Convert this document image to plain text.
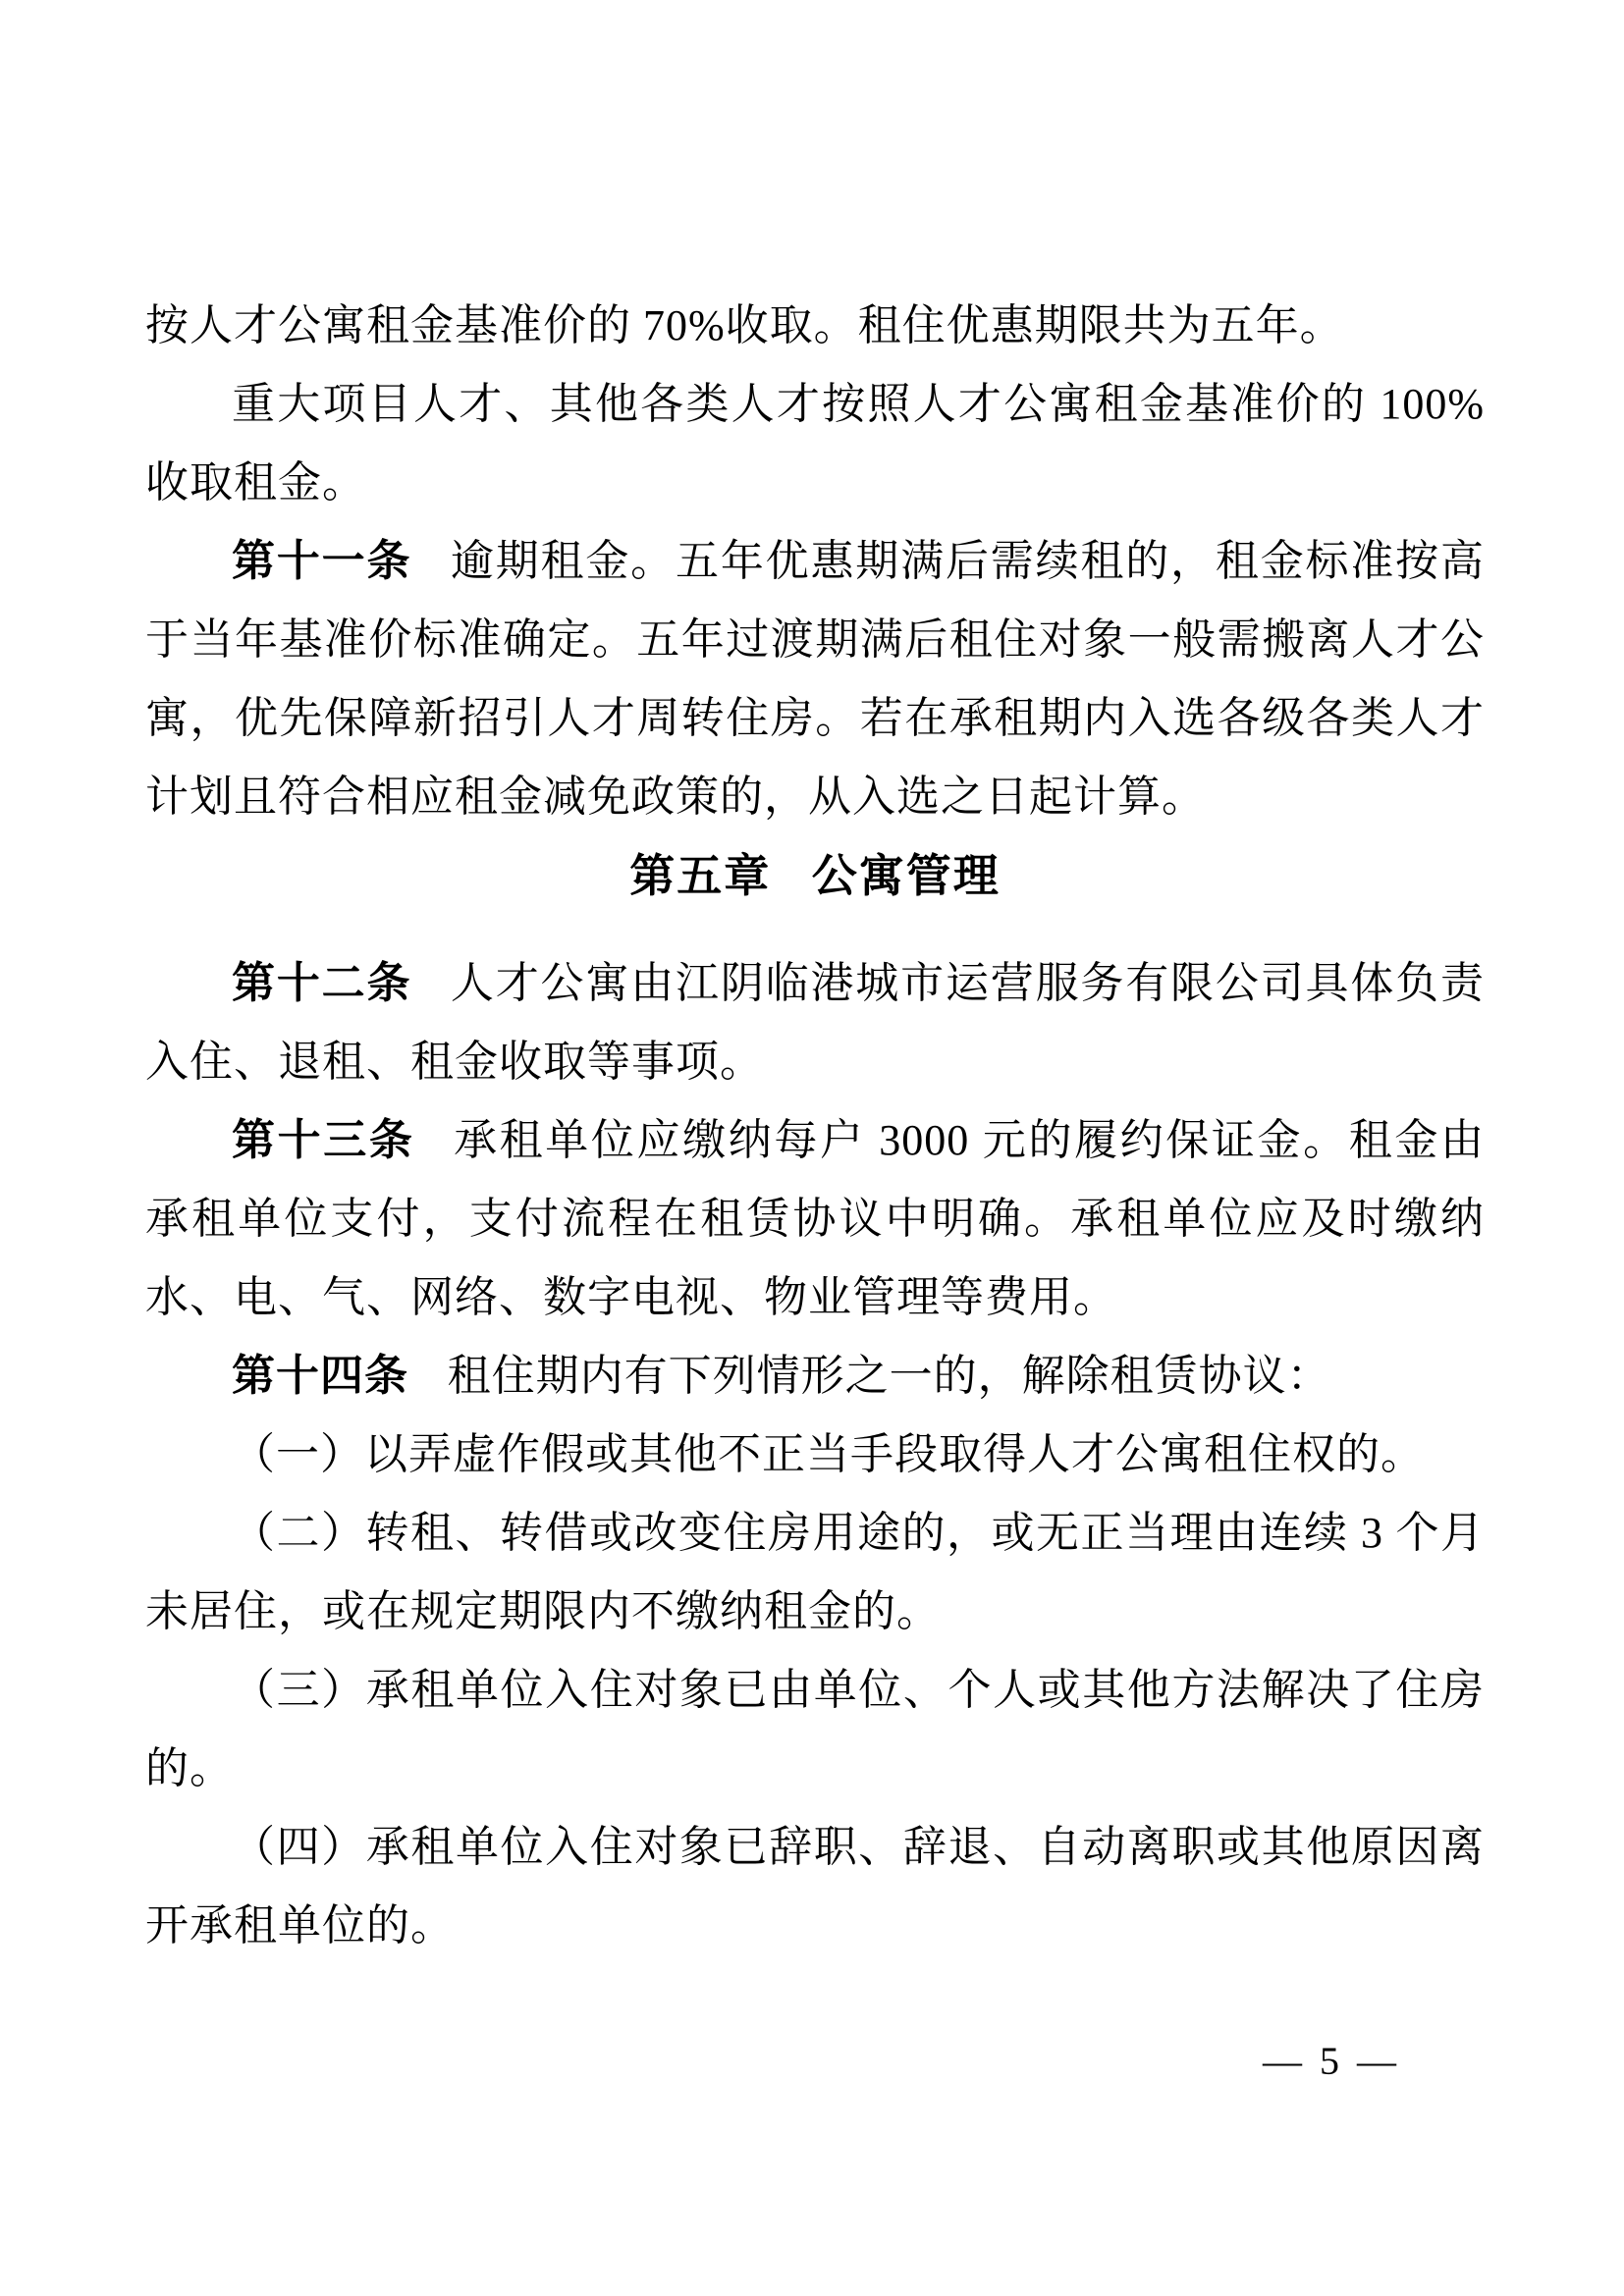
按人才公寓租金基准价的 70%收取。租住优惠期限共为五年。

重大项目人才、其他各类人才按照人才公寓租金基准价的 100%收取租金。

第十一条 逾期租金。五年优惠期满后需续租的，租金标准按高于当年基准价标准确定。五年过渡期满后租住对象一般需搬离人才公寓，优先保障新招引人才周转住房。若在承租期内入选各级各类人才计划且符合相应租金减免政策的，从入选之日起计算。

第五章 公寓管理

第十二条 人才公寓由江阴临港城市运营服务有限公司具体负责入住、退租、租金收取等事项。

第十三条 承租单位应缴纳每户 3000 元的履约保证金。租金由承租单位支付，支付流程在租赁协议中明确。承租单位应及时缴纳水、电、气、网络、数字电视、物业管理等费用。

第十四条 租住期内有下列情形之一的，解除租赁协议：

（一）以弄虚作假或其他不正当手段取得人才公寓租住权的。

（二）转租、转借或改变住房用途的，或无正当理由连续 3 个月未居住，或在规定期限内不缴纳租金的。

（三）承租单位入住对象已由单位、个人或其他方法解决了住房的。

（四）承租单位入住对象已辞职、辞退、自动离职或其他原因离开承租单位的。

— 5 —
